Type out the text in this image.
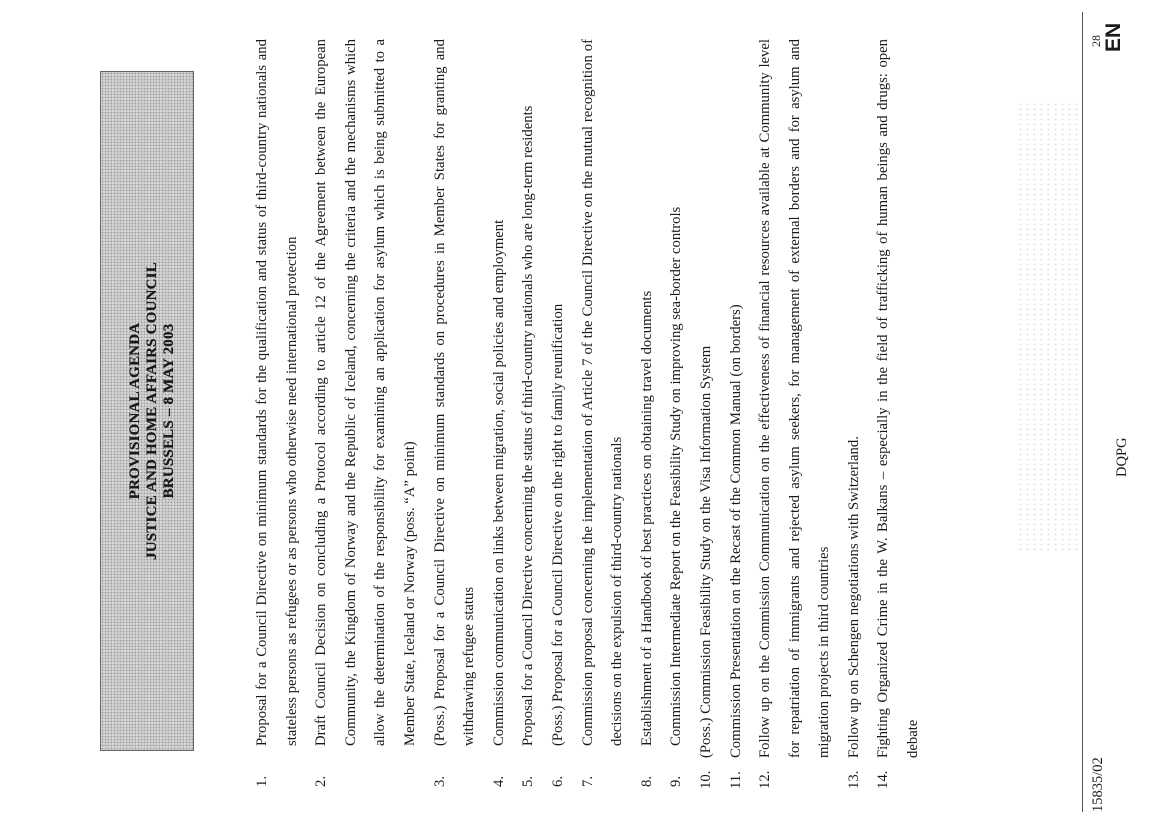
PROVISIONAL AGENDA JUSTICE AND HOME AFFAIRS COUNCIL BRUSSELS – 8 MAY 2003
1.
Proposal for a Council Directive on minimum standards for the qualification and status of third-country nationals and stateless persons as refugees or as persons who otherwise need international protection
2.
Draft Council Decision on concluding a Protocol according to article 12 of the Agreement between the European Community, the Kingdom of Norway and the Republic of Iceland, concerning the criteria and the mechanisms which allow the determination of the responsibility for examining an application for asylum which is being submitted to a Member State, Iceland or Norway (poss. “A” point)
3.
(Poss.) Proposal for a Council Directive on minimum standards on procedures in Member States for granting and withdrawing refugee status
4.
Commission communication on links between migration, social policies and employment
5.
Proposal for a Council Directive concerning the status of third-country nationals who are long-term residents
6.
(Poss.) Proposal for a Council Directive on the right to family reunification
7.
Commission proposal concerning the implementation of Article 7 of the Council Directive on the mutual recognition of decisions on the expulsion of third-country nationals
8.
Establishment of a Handbook of best practices on obtaining travel documents
9.
Commission Intermediate Report on the Feasibility Study on improving sea-border controls
10.
(Poss.) Commission Feasibility Study on the Visa Information System
11.
Commission Presentation on the Recast of the Common Manual (on borders)
12.
Follow up on the Commission Communication on the effectiveness of financial resources available at Community level for repatriation of immigrants and rejected asylum seekers, for management of external borders and for asylum and migration projects in third countries
13.
Follow up on Schengen negotiations with Switzerland.
14.
Fighting Organized Crime in the W. Balkans – especially in the field of trafficking of human beings and drugs: open debate
15835/02
DQPG
28 EN
